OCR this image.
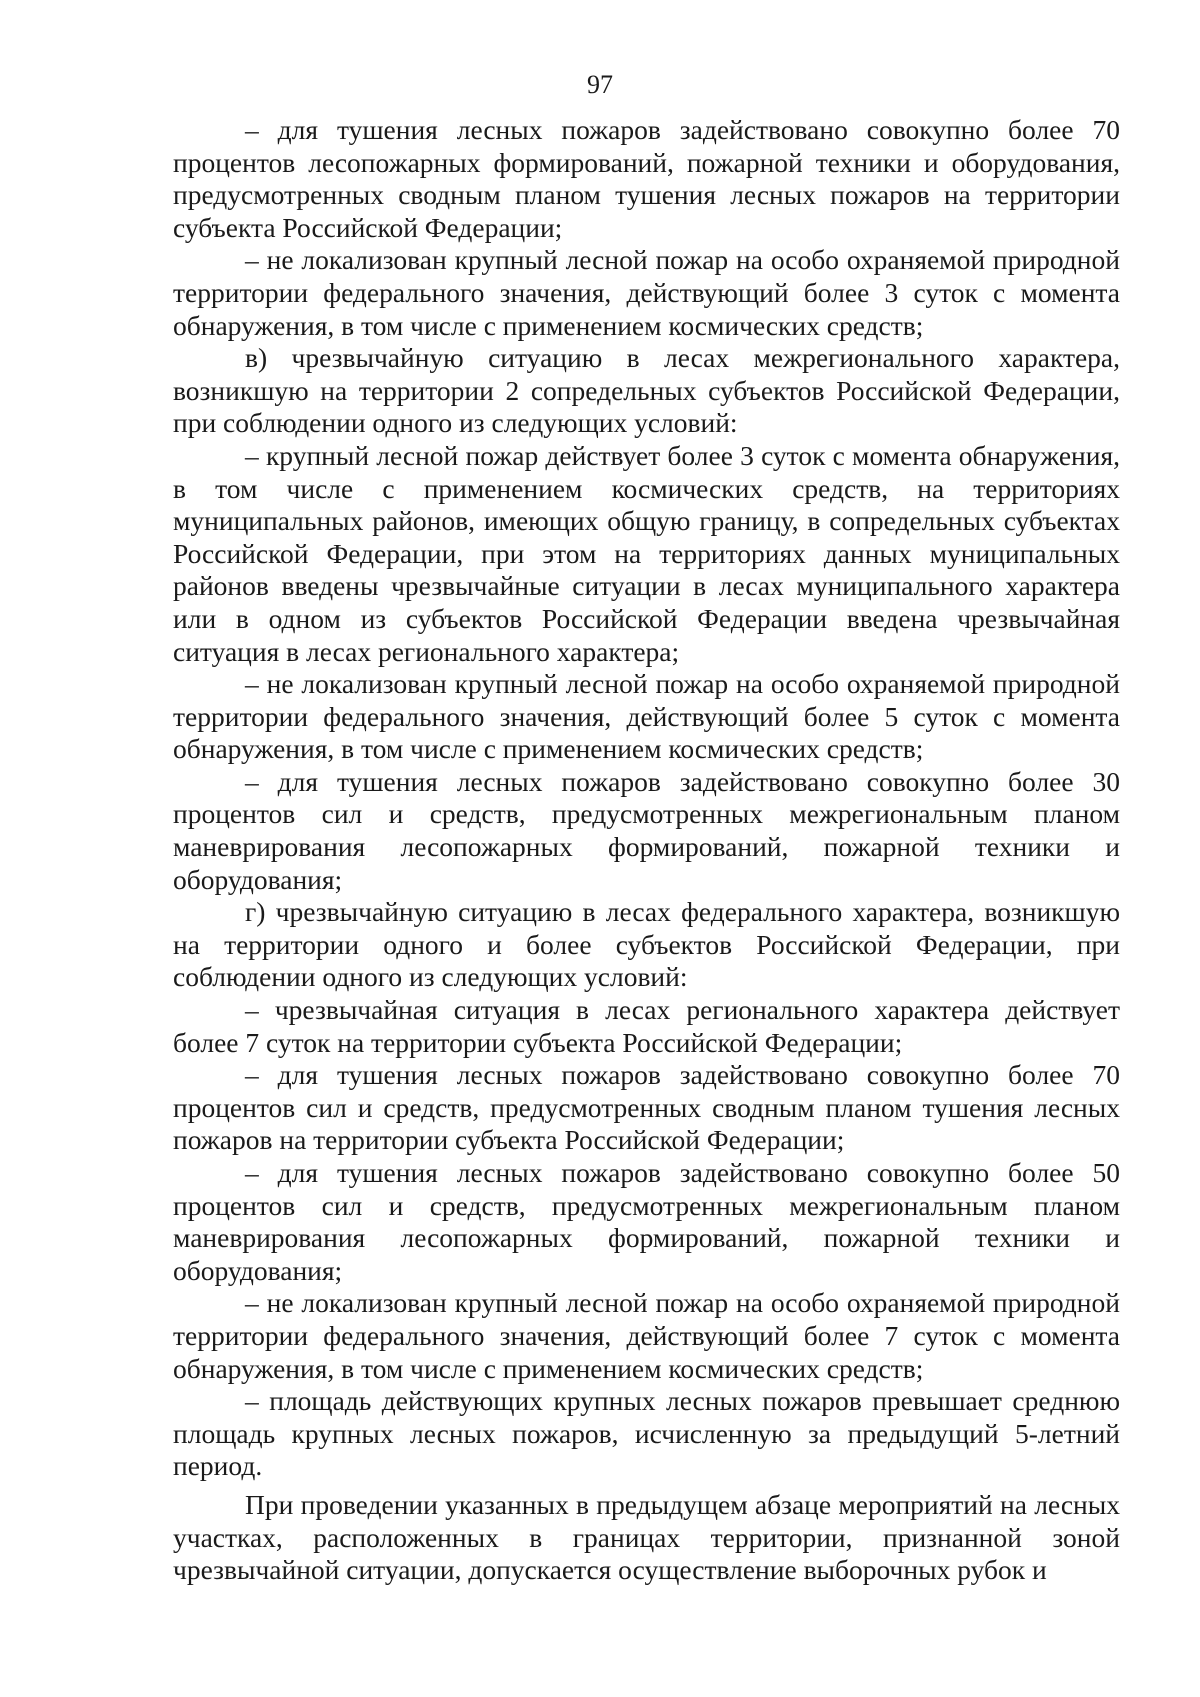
97

– для тушения лесных пожаров задействовано совокупно более 70 процентов лесопожарных формирований, пожарной техники и оборудования, предусмотренных сводным планом тушения лесных пожаров на территории субъекта Российской Федерации;

– не локализован крупный лесной пожар на особо охраняемой природной территории федерального значения, действующий более 3 суток с момента обнаружения, в том числе с применением космических средств;

в) чрезвычайную ситуацию в лесах межрегионального характера, возникшую на территории 2 сопредельных субъектов Российской Федерации, при соблюдении одного из следующих условий:

– крупный лесной пожар действует более 3 суток с момента обнаружения, в том числе с применением космических средств, на территориях муниципальных районов, имеющих общую границу, в сопредельных субъектах Российской Федерации, при этом на территориях данных муниципальных районов введены чрезвычайные ситуации в лесах муниципального характера или в одном из субъектов Российской Федерации введена чрезвычайная ситуация в лесах регионального характера;

– не локализован крупный лесной пожар на особо охраняемой природной территории федерального значения, действующий более 5 суток с момента обнаружения, в том числе с применением космических средств;

– для тушения лесных пожаров задействовано совокупно более 30 процентов сил и средств, предусмотренных межрегиональным планом маневрирования лесопожарных формирований, пожарной техники и оборудования;

г) чрезвычайную ситуацию в лесах федерального характера, возникшую на территории одного и более субъектов Российской Федерации, при соблюдении одного из следующих условий:

– чрезвычайная ситуация в лесах регионального характера действует более 7 суток на территории субъекта Российской Федерации;

– для тушения лесных пожаров задействовано совокупно более 70 процентов сил и средств, предусмотренных сводным планом тушения лесных пожаров на территории субъекта Российской Федерации;

– для тушения лесных пожаров задействовано совокупно более 50 процентов сил и средств, предусмотренных межрегиональным планом маневрирования лесопожарных формирований, пожарной техники и оборудования;

– не локализован крупный лесной пожар на особо охраняемой природной территории федерального значения, действующий более 7 суток с момента обнаружения, в том числе с применением космических средств;

– площадь действующих крупных лесных пожаров превышает среднюю площадь крупных лесных пожаров, исчисленную за предыдущий 5-летний период.

При проведении указанных в предыдущем абзаце мероприятий на лесных участках, расположенных в границах территории, признанной зоной чрезвычайной ситуации, допускается осуществление выборочных рубок и
